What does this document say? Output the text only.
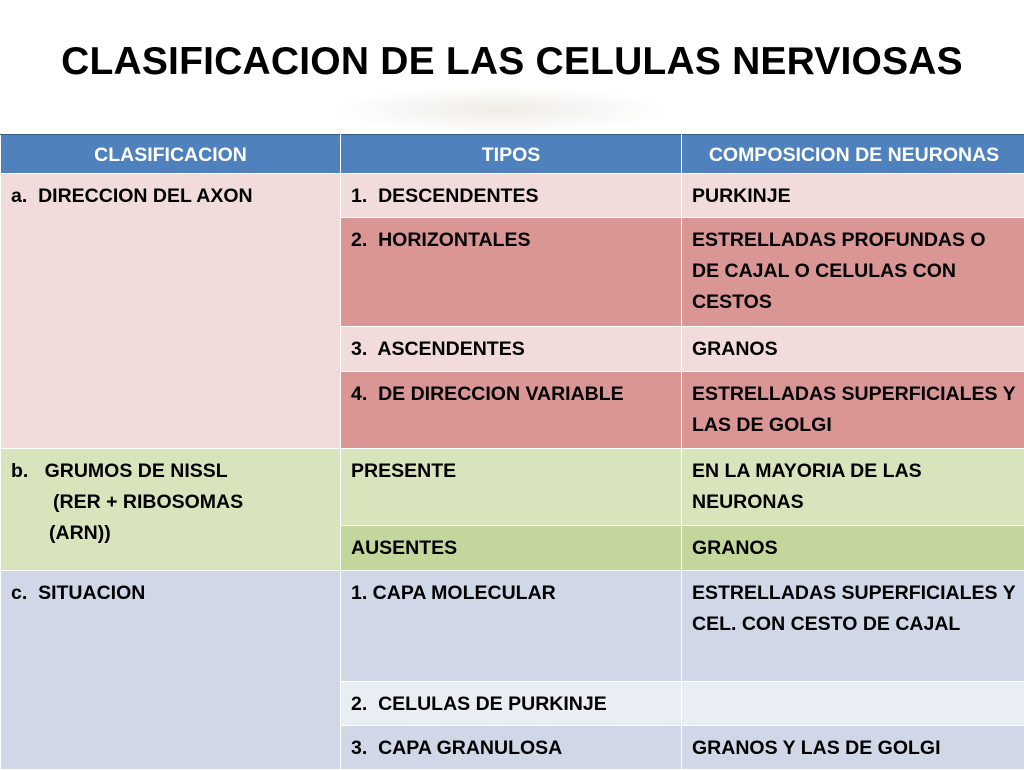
CLASIFICACION DE LAS CELULAS NERVIOSAS
CLASIFICACION	TIPOS	COMPOSICION DE NEURONAS
a.  DIRECCION DEL AXON	1.  DESCENDENTES	PURKINJE
	2.  HORIZONTALES	ESTRELLADAS PROFUNDAS O DE CAJAL O CELULAS CON CESTOS
	3.  ASCENDENTES	GRANOS
	4.  DE DIRECCION VARIABLE	ESTRELLADAS SUPERFICIALES Y LAS DE GOLGI

b.   GRUMOS DE NISSL
(RER + RIBOSOMAS
(ARN))	PRESENTE	EN LA MAYORIA DE LAS NEURONAS
	AUSENTES	GRANOS
c.  SITUACION	1. CAPA MOLECULAR	ESTRELLADAS SUPERFICIALES Y CEL. CON CESTO DE CAJAL
	2.  CELULAS DE PURKINJE	
	3.  CAPA GRANULOSA	GRANOS Y LAS DE GOLGI
